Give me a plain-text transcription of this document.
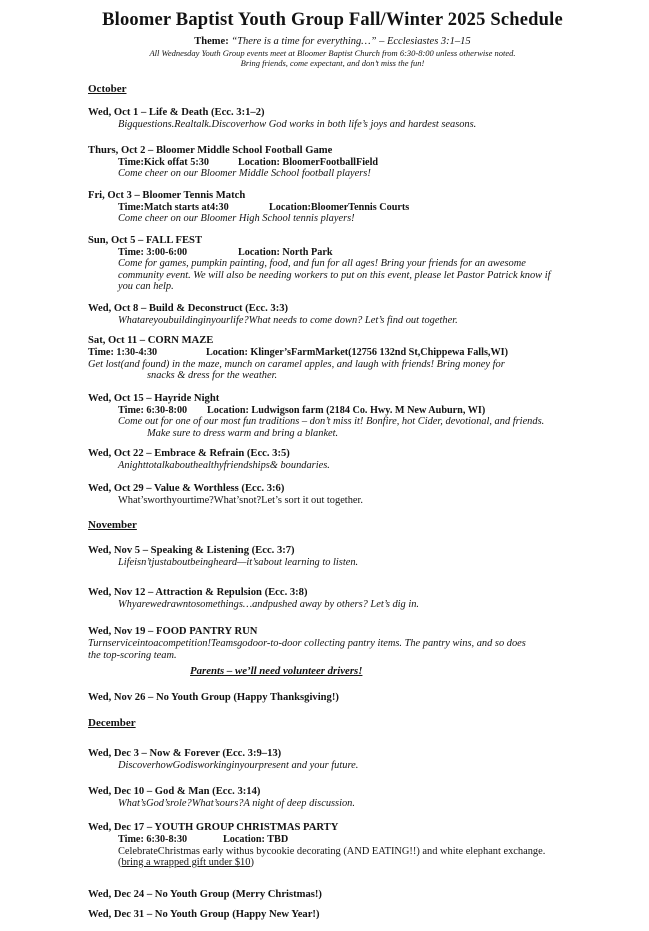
Bloomer Baptist Youth Group Fall/Winter 2025 Schedule
Theme: “There is a time for everything…” – Ecclesiastes 3:1–15
All Wednesday Youth Group events meet at Bloomer Baptist Church from 6:30-8:00 unless otherwise noted.
Bring friends, come expectant, and don’t miss the fun!
October
Wed, Oct 1 – Life & Death (Ecc. 3:1–2)
Bigquestions.Realtalk.Discoverhow God works in both life’s joys and hardest seasons.
Thurs, Oct 2 – Bloomer Middle School Football Game
Time:Kick offat 5:30	Location: BloomerFootballField
Come cheer on our Bloomer Middle School football players!
Fri, Oct 3 – Bloomer Tennis Match
Time:Match starts at4:30	Location:BloomerTennis Courts
Come cheer on our Bloomer High School tennis players!
Sun, Oct 5 – FALL FEST
Time: 3:00-6:00	Location: North Park
Come for games, pumpkin painting, food, and fun for all ages! Bring your friends for an awesome
community event. We will also be needing workers to put on this event, please let Pastor Patrick know if
you can help.
Wed, Oct 8 – Build & Deconstruct (Ecc. 3:3)
Whatareyoubuildinginyourlife?What needs to come down? Let’s find out together.
Sat, Oct 11 – CORN MAZE
Time: 1:30-4:30	Location: Klinger’sFarmMarket(12756 132nd St,Chippewa Falls,WI)
Get lost(and found) in the maze, munch on caramel apples, and laugh with friends! Bring money for
snacks & dress for the weather.
Wed, Oct 15 – Hayride Night
Time: 6:30-8:00 Location: Ludwigson farm (2184 Co. Hwy. M New Auburn, WI)
Come out for one of our most fun traditions – don’t miss it! Bonfire, hot Cider, devotional, and friends.
Make sure to dress warm and bring a blanket.
Wed, Oct 22 – Embrace & Refrain (Ecc. 3:5)
Anighttotalkabouthealthyfriendships& boundaries.
Wed, Oct 29 – Value & Worthless (Ecc. 3:6)
What’sworthyourtime?What’snot?Let’s sort it out together.
November
Wed, Nov 5 – Speaking & Listening (Ecc. 3:7)
Lifeisn’tjustaboutbeingheard—it’sabout learning to listen.
Wed, Nov 12 – Attraction & Repulsion (Ecc. 3:8)
Whyarewedrawntosomethings…andpushed away by others? Let’s dig in.
Wed, Nov 19 – FOOD PANTRY RUN
Turnserviceintoacompetition!Teamsgodoor-to-door collecting pantry items. The pantry wins, and so does
the top-scoring team.
Parents – we’ll need volunteer drivers!
Wed, Nov 26 – No Youth Group (Happy Thanksgiving!)
December
Wed, Dec 3 – Now & Forever (Ecc. 3:9–13)
DiscoverhowGodisworkinginyourpresent and your future.
Wed, Dec 10 – God & Man (Ecc. 3:14)
What’sGod’srole?What’sours?A night of deep discussion.
Wed, Dec 17 – YOUTH GROUP CHRISTMAS PARTY
Time: 6:30-8:30	Location: TBD
CelebrateChristmas early withus bycookie decorating (AND EATING!!) and white elephant exchange.
(bring a wrapped gift under $10)
Wed, Dec 24 – No Youth Group (Merry Christmas!)
Wed, Dec 31 – No Youth Group (Happy New Year!)
